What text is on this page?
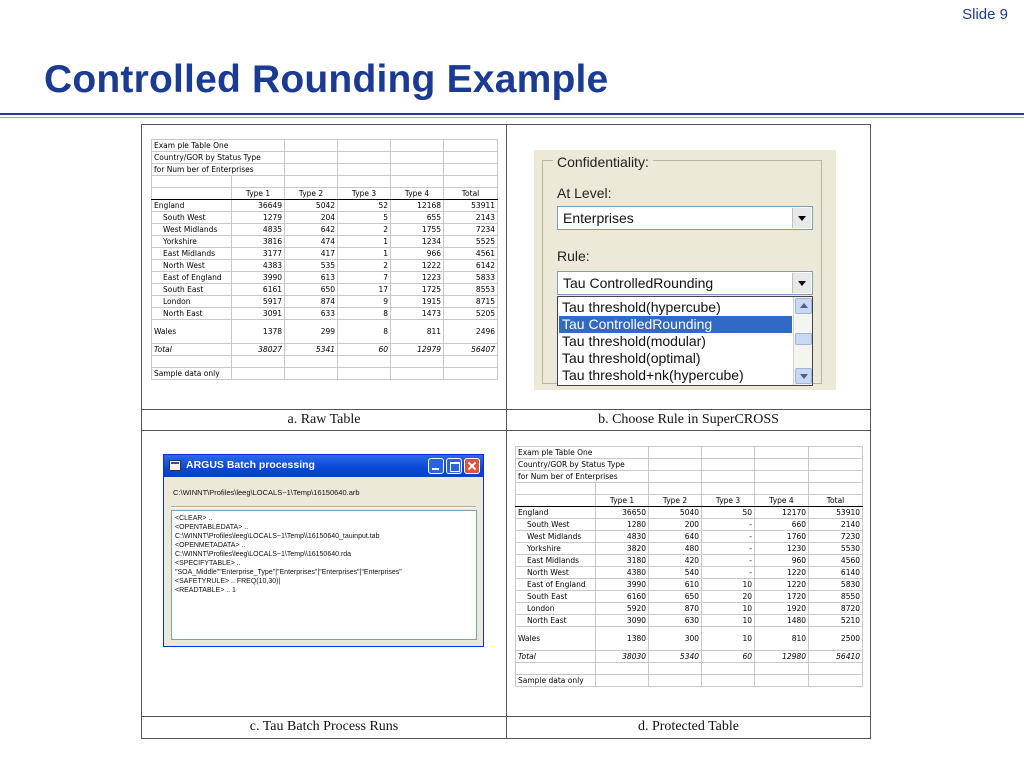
Slide 9
Controlled Rounding Example
a. Raw Table	b. Choose Rule in SuperCROSS
c. Tau Batch Process Runs	d. Protected Table
Exam ple Table One					
Country/GOR by Status Type					
for Num ber of Enterprises					

	Type 1	Type 2	Type 3	Type 4	Total
England	36649	5042	52	12168	53911
South West	1279	204	5	655	2143
West Midlands	4835	642	2	1755	7234
Yorkshire	3816	474	1	1234	5525
East Midlands	3177	417	1	966	4561
North West	4383	535	2	1222	6142
East of England	3990	613	7	1223	5833
South East	6161	650	17	1725	8553
London	5917	874	9	1915	8715
North East	3091	633	8	1473	5205
Wales	1378	299	8	811	2496
Total	38027	5341	60	12979	56407

Sample data only					
Confidentiality:
At Level:
Enterprises
Rule:
Tau ControlledRounding
Tau threshold(hypercube)
Tau ControlledRounding
Tau threshold(modular)
Tau threshold(optimal)
Tau threshold+nk(hypercube)
ARGUS Batch processing
C:\WINNT\Profiles\leeg\LOCALS~1\Temp\16150640.arb
<CLEAR> ..
<OPENTABLEDATA> ..
C:\WINNT\Profiles\leeg\LOCALS~1\Temp\\16150640_tauinput.tab
<OPENMETADATA> ..
C:\WINNT\Profiles\leeg\LOCALS~1\Temp\\16150640.rda
<SPECIFYTABLE> ..
"SOA_Middle""Enterprise_Type"|"Enterprises"|"Enterprises"|"Enterprises"
<SAFETYRULE> .. FREQ(10,30)|
<READTABLE> .. 1
Exam ple Table One					
Country/GOR by Status Type					
for Num ber of Enterprises					

	Type 1	Type 2	Type 3	Type 4	Total
England	36650	5040	50	12170	53910
South West	1280	200	-	660	2140
West Midlands	4830	640	-	1760	7230
Yorkshire	3820	480	-	1230	5530
East Midlands	3180	420	-	960	4560
North West	4380	540	-	1220	6140
East of England	3990	610	10	1220	5830
South East	6160	650	20	1720	8550
London	5920	870	10	1920	8720
North East	3090	630	10	1480	5210
Wales	1380	300	10	810	2500
Total	38030	5340	60	12980	56410

Sample data only					
